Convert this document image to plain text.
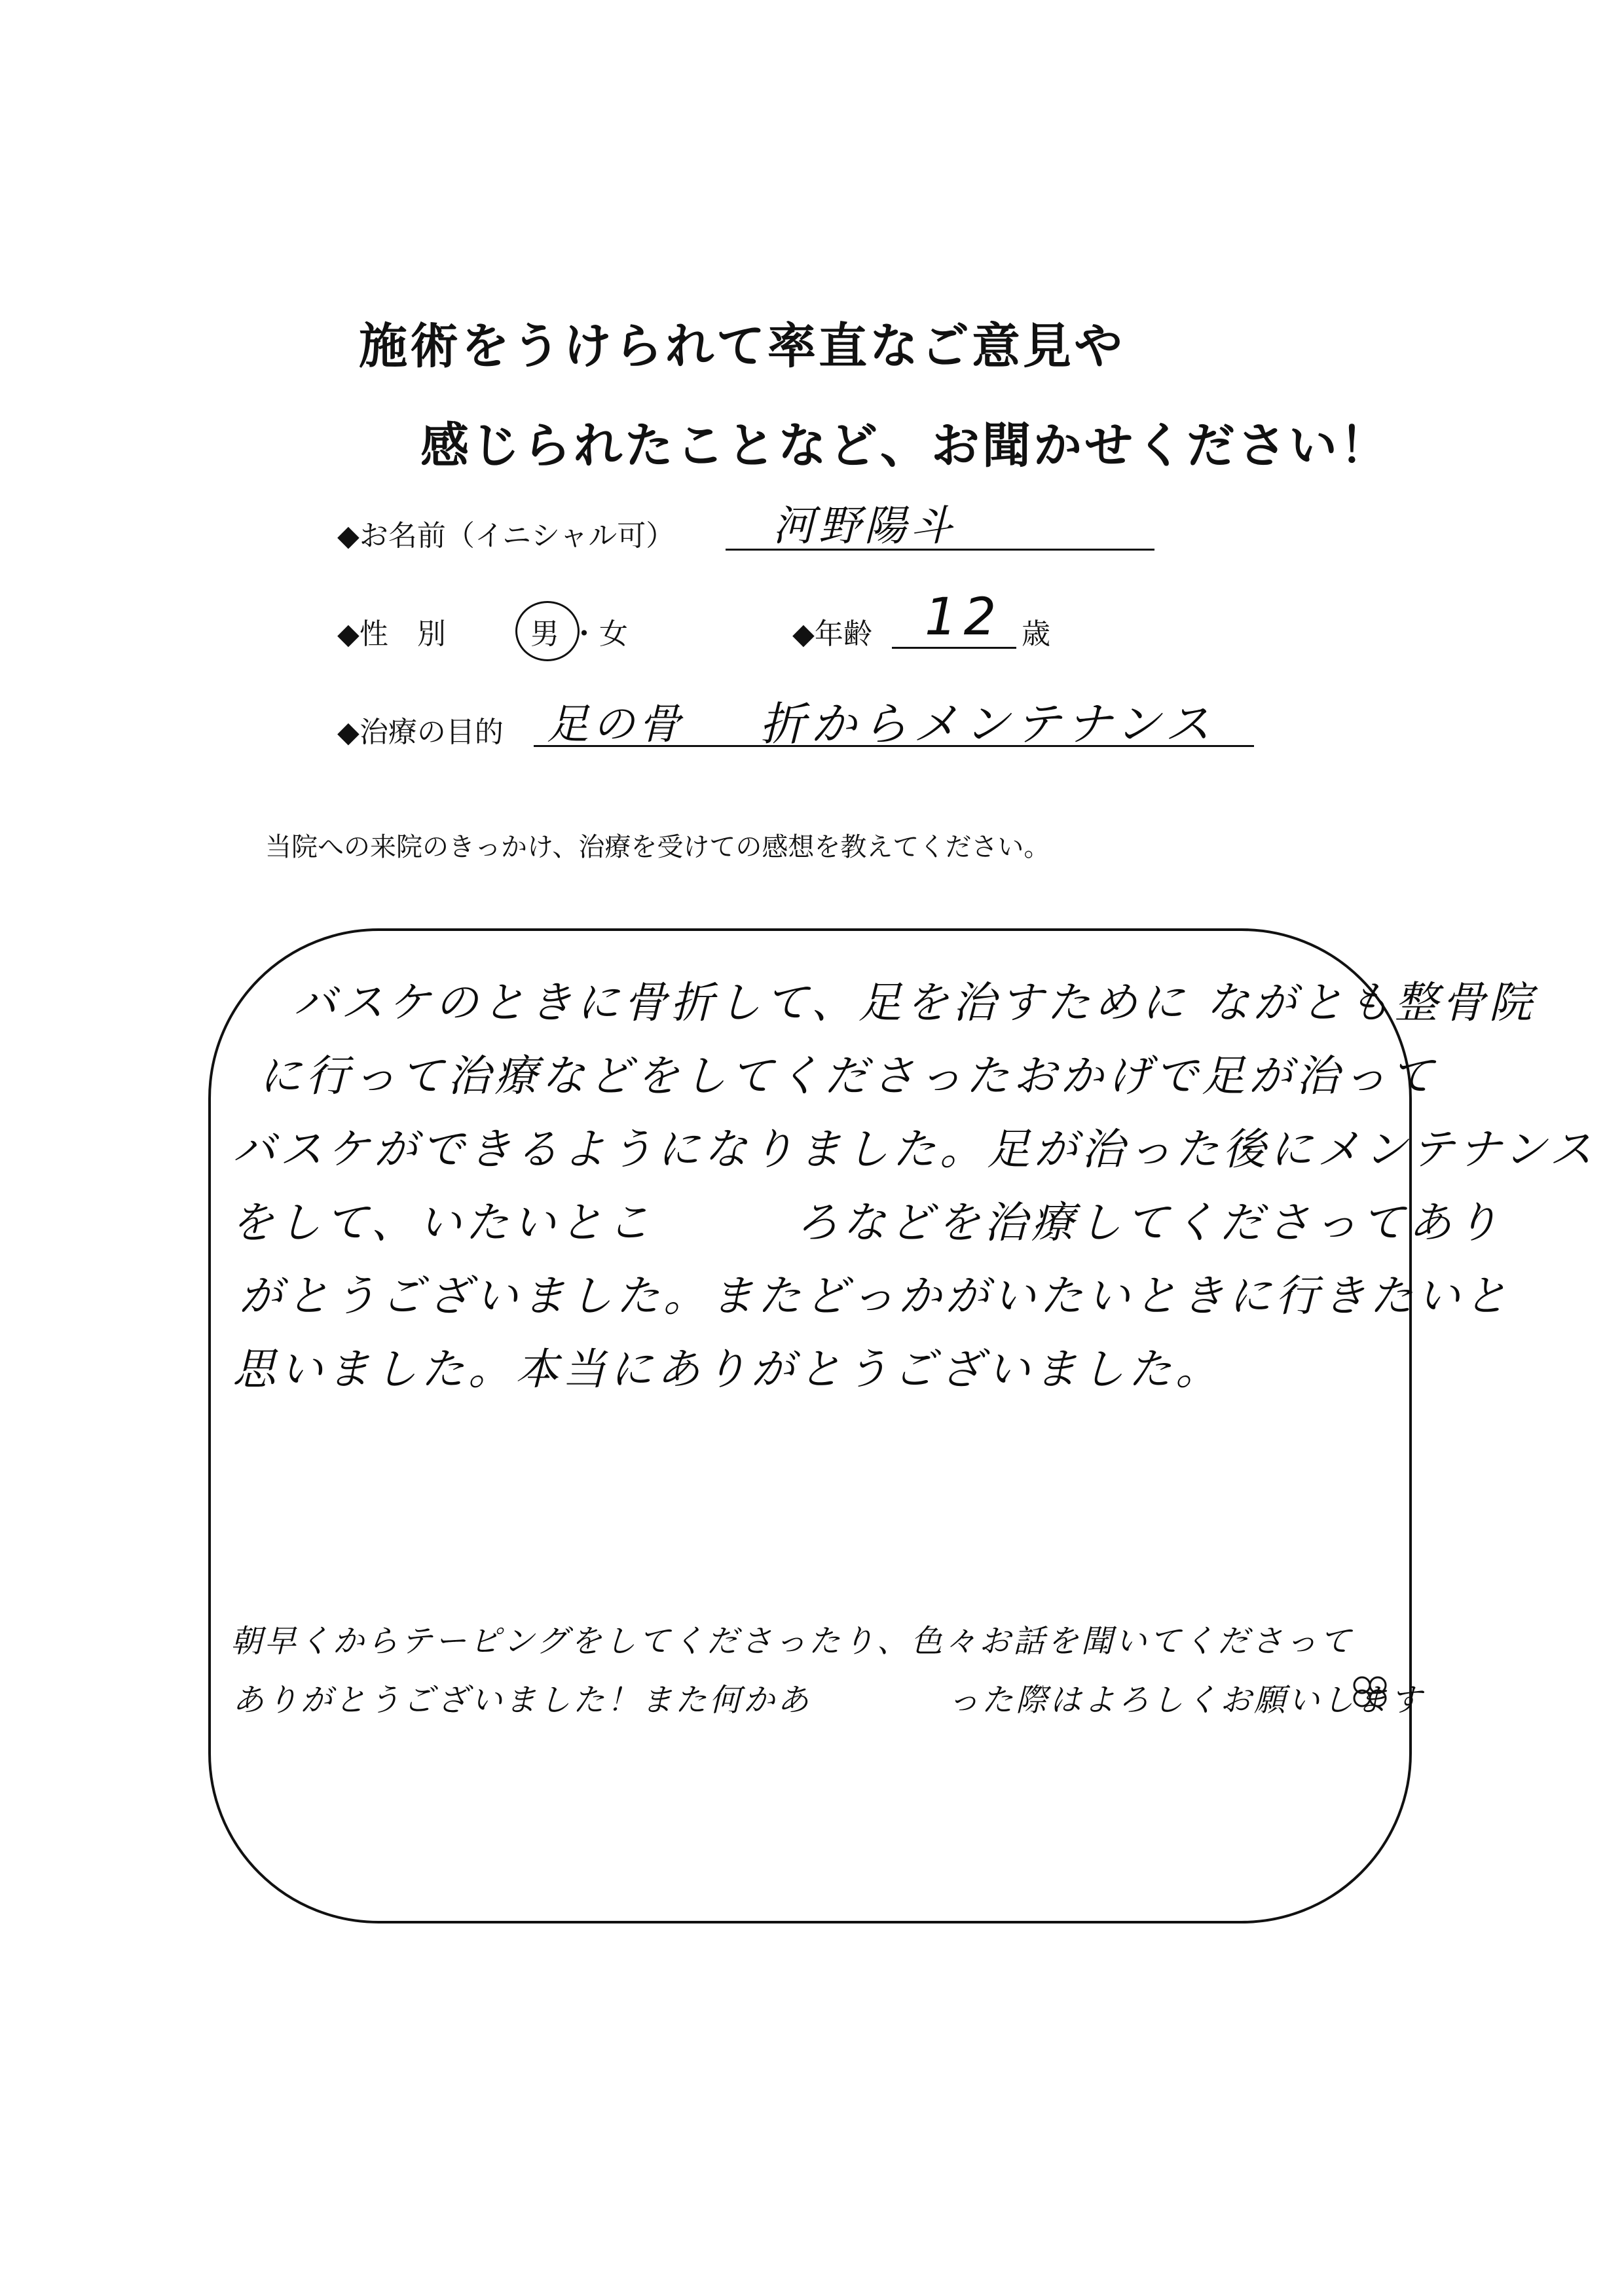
施術をうけられて率直なご意見や
感じられたことなど、お聞かせください！
◆お名前（イニシャル可） 河野陽斗
◆性　別	男 ・ 女	◆年齢 12 歳
◆治療の目的 足の骨 折からメンテナンス
当院への来院のきっかけ、治療を受けての感想を教えてください。
バスケのときに骨折して、足を治すために ながとも整骨院
に行って治療などをしてくださったおかげで足が治って
バスケができるようになりました。足が治った後にメンテナンス
をして、いたいとこ　　　ろなどを治療してくださってあり
がとうございました。またどっかがいたいときに行きたいと
思いました。本当にありがとうございました。
朝早くからテーピングをしてくださったり、色々お話を聞いてくださって
ありがとうございました！また何かあ　　　　った際はよろしくお願いします
